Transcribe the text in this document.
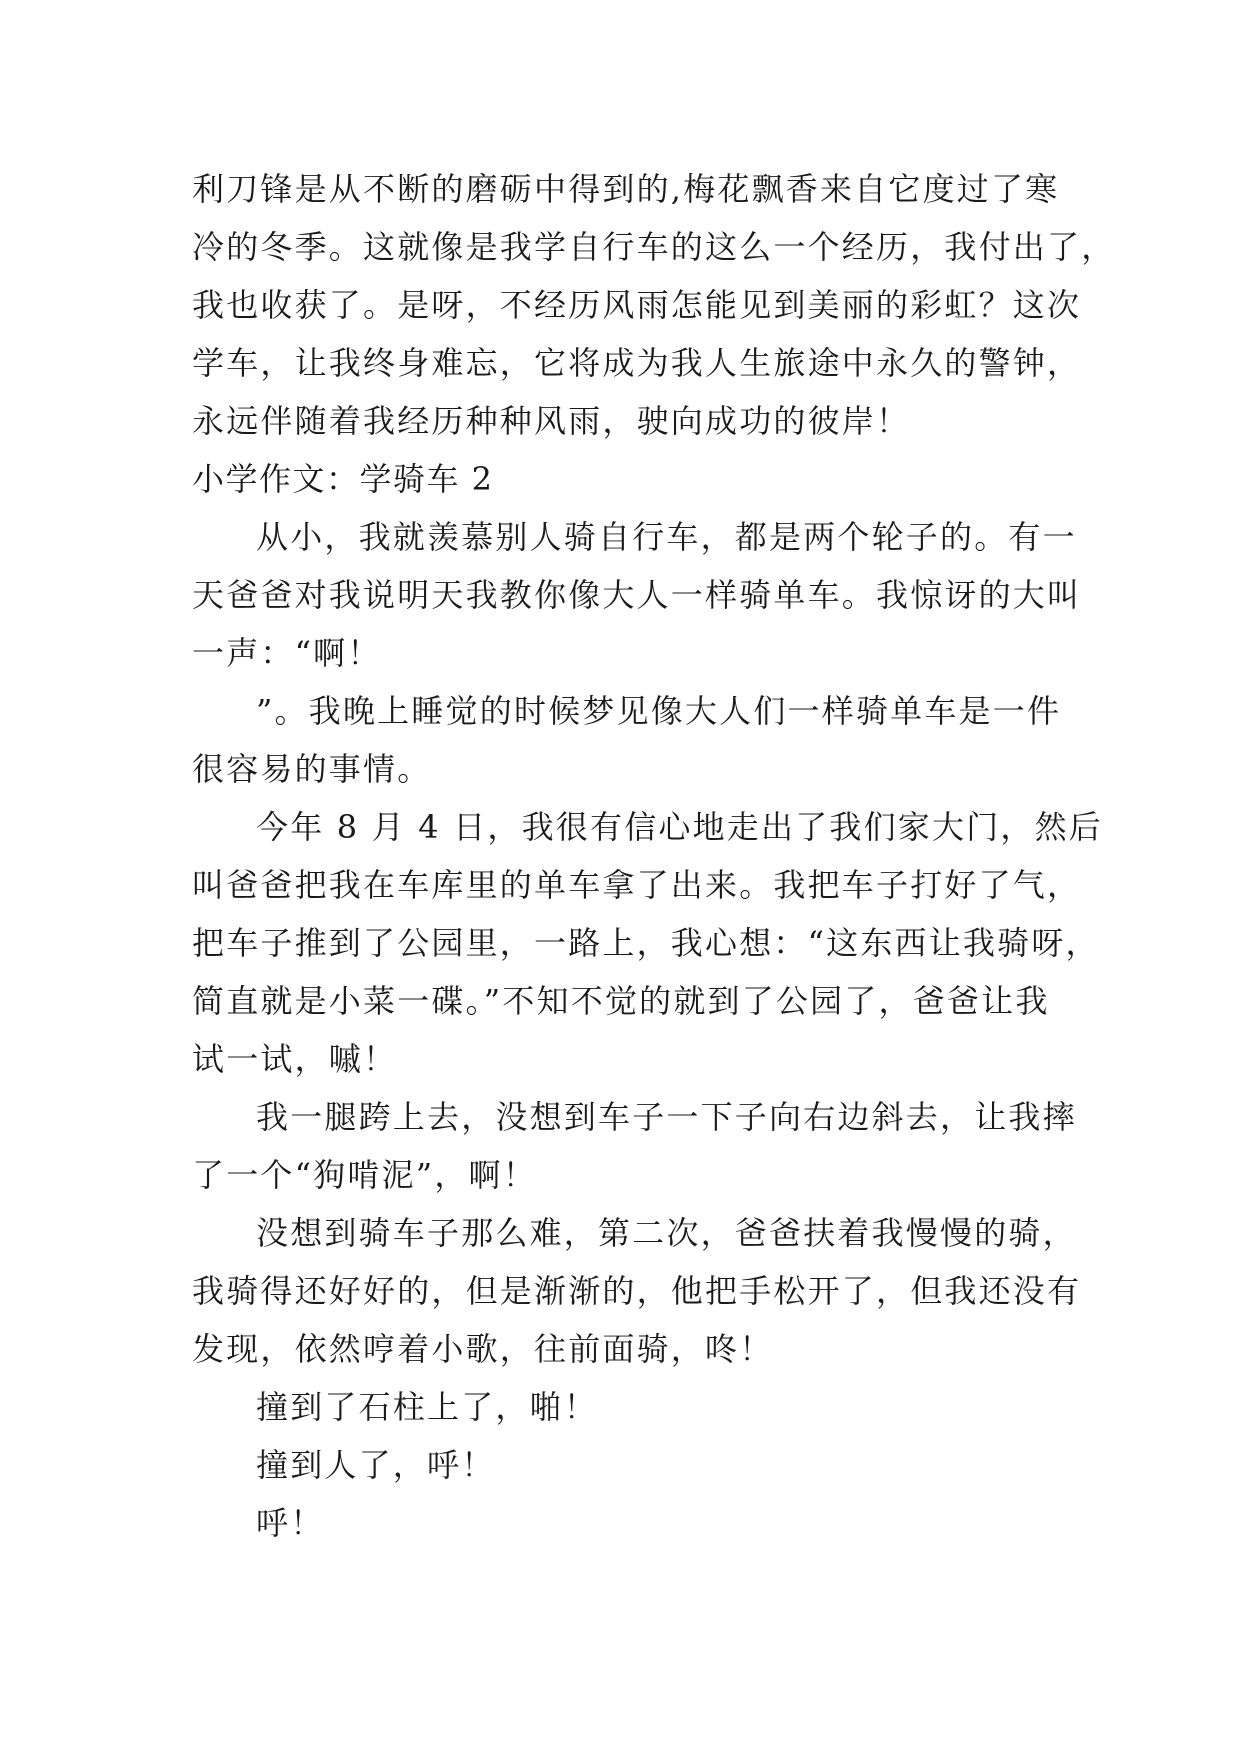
利刀锋是从不断的磨砺中得到的,梅花飘香来自它度过了寒
冷的冬季。这就像是我学自行车的这么一个经历，我付出了，
我也收获了。是呀，不经历风雨怎能见到美丽的彩虹？这次
学车，让我终身难忘，它将成为我人生旅途中永久的警钟，
永远伴随着我经历种种风雨，驶向成功的彼岸！
小学作文：学骑车 2
从小，我就羡慕别人骑自行车，都是两个轮子的。有一
天爸爸对我说明天我教你像大人一样骑单车。我惊讶的大叫
一声：“啊！
”。我晚上睡觉的时候梦见像大人们一样骑单车是一件
很容易的事情。
今年 8 月 4 日，我很有信心地走出了我们家大门，然后
叫爸爸把我在车库里的单车拿了出来。我把车子打好了气，
把车子推到了公园里，一路上，我心想：“这东西让我骑呀，
简直就是小菜一碟。”不知不觉的就到了公园了，爸爸让我
试一试，嘁！
我一腿跨上去，没想到车子一下子向右边斜去，让我摔
了一个“狗啃泥”，啊！
没想到骑车子那么难，第二次，爸爸扶着我慢慢的骑，
我骑得还好好的，但是渐渐的，他把手松开了，但我还没有
发现，依然哼着小歌，往前面骑，咚！
撞到了石柱上了，啪！
撞到人了，呼！
呼！
